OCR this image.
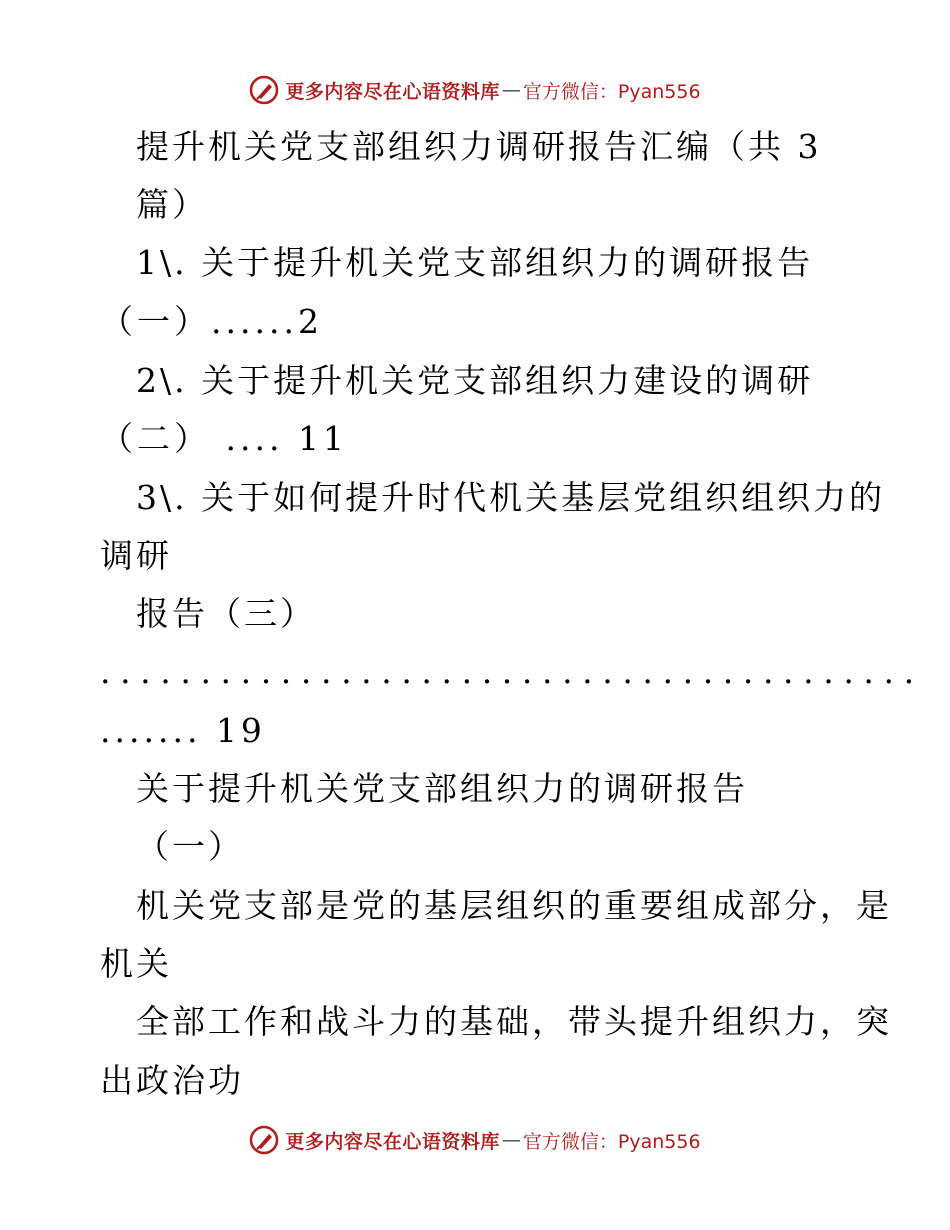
更多内容尽在心语资料库 — 官方微信：Pyan556
提升机关党支部组织力调研报告汇编（共 3
篇）
1\. 关于提升机关党支部组织力的调研报告
（一）......2
2\. 关于提升机关党支部组织力建设的调研
（二） .... 11
3\. 关于如何提升时代机关基层党组织组织力的
调研
报告（三）
.........................................
....... 19
关于提升机关党支部组织力的调研报告
（一）
机关党支部是党的基层组织的重要组成部分，是
机关
全部工作和战斗力的基础，带头提升组织力，突
出政治功
更多内容尽在心语资料库 — 官方微信：Pyan556
